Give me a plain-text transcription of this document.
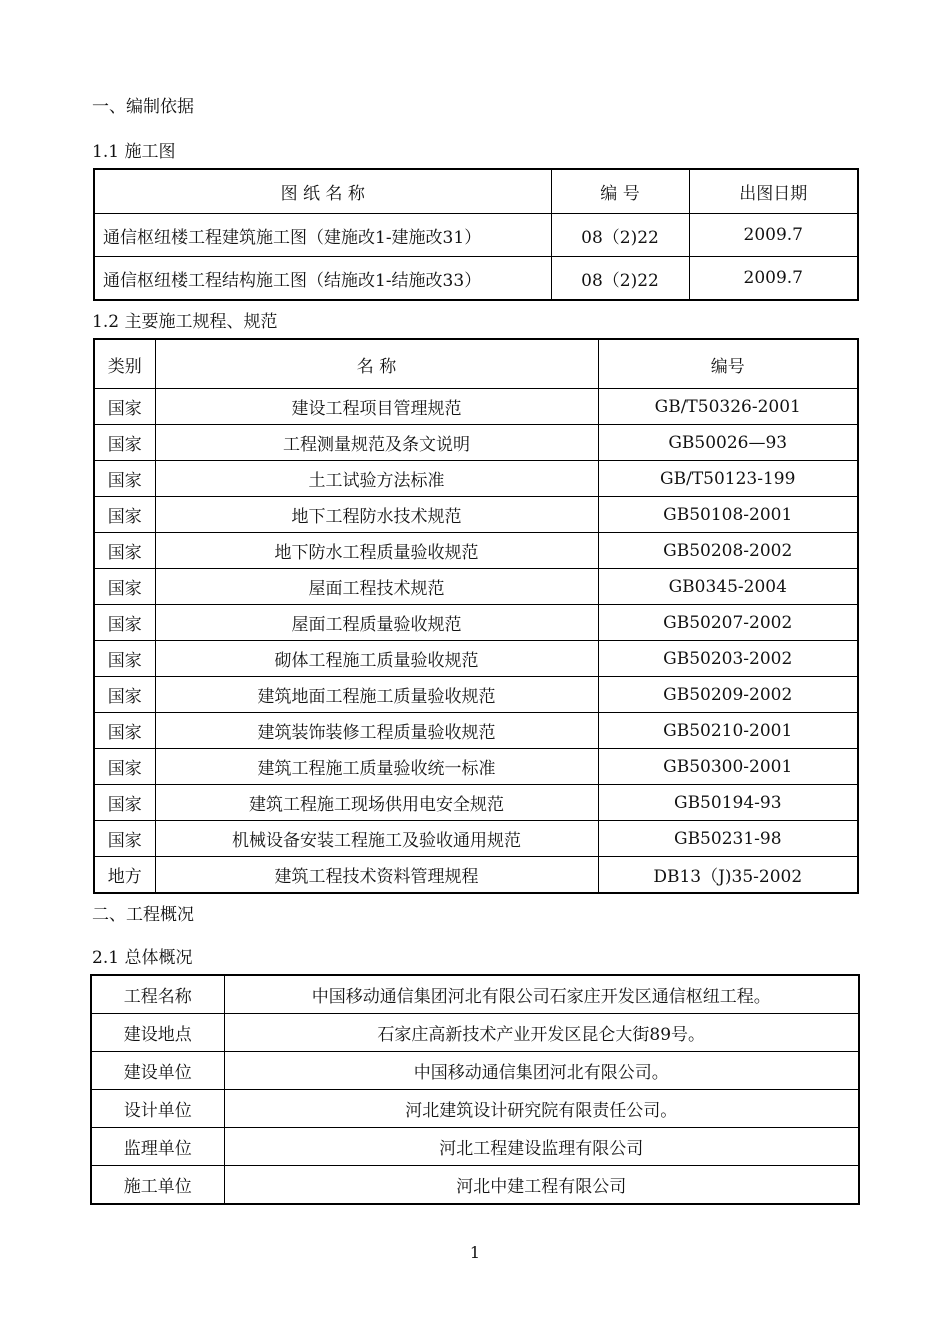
一、编制依据
1.1 施工图
图 纸 名 称	编 号	出图日期
通信枢纽楼工程建筑施工图（建施改1-建施改31）	08（2)22	2009.7
通信枢纽楼工程结构施工图（结施改1-结施改33）	08（2)22	2009.7
1.2 主要施工规程、规范
类别	名 称	编号
国家	建设工程项目管理规范	GB/T50326-2001
国家	工程测量规范及条文说明	GB50026—93
国家	土工试验方法标准	GB/T50123-199
国家	地下工程防水技术规范	GB50108-2001
国家	地下防水工程质量验收规范	GB50208-2002
国家	屋面工程技术规范	GB0345-2004
国家	屋面工程质量验收规范	GB50207-2002
国家	砌体工程施工质量验收规范	GB50203-2002
国家	建筑地面工程施工质量验收规范	GB50209-2002
国家	建筑装饰装修工程质量验收规范	GB50210-2001
国家	建筑工程施工质量验收统一标准	GB50300-2001
国家	建筑工程施工现场供用电安全规范	GB50194-93
国家	机械设备安装工程施工及验收通用规范	GB50231-98
地方	建筑工程技术资料管理规程	DB13（J)35-2002
二、工程概况
2.1 总体概况
工程名称	中国移动通信集团河北有限公司石家庄开发区通信枢纽工程。
建设地点	石家庄高新技术产业开发区昆仑大街89号。
建设单位	中国移动通信集团河北有限公司。
设计单位	河北建筑设计研究院有限责任公司。
监理单位	河北工程建设监理有限公司
施工单位	河北中建工程有限公司
1
